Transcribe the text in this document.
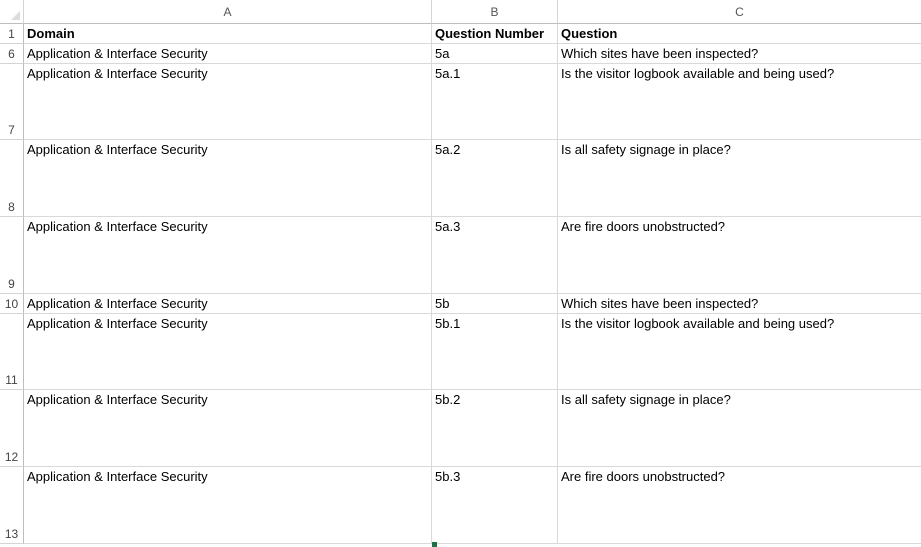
A	B	C
1 Domain	Question Number	Question
6 Application & Interface Security	5a	Which sites have been inspected?
7
Application & Interface Security	5a.1	Is the visitor logbook available and being used?
8
Application & Interface Security	5a.2	Is all safety signage in place?
9
Application & Interface Security	5a.3	Are fire doors unobstructed?
10 Application & Interface Security	5b	Which sites have been inspected?
11
Application & Interface Security	5b.1	Is the visitor logbook available and being used?
12
Application & Interface Security	5b.2	Is all safety signage in place?
13
Application & Interface Security	5b.3	Are fire doors unobstructed?
